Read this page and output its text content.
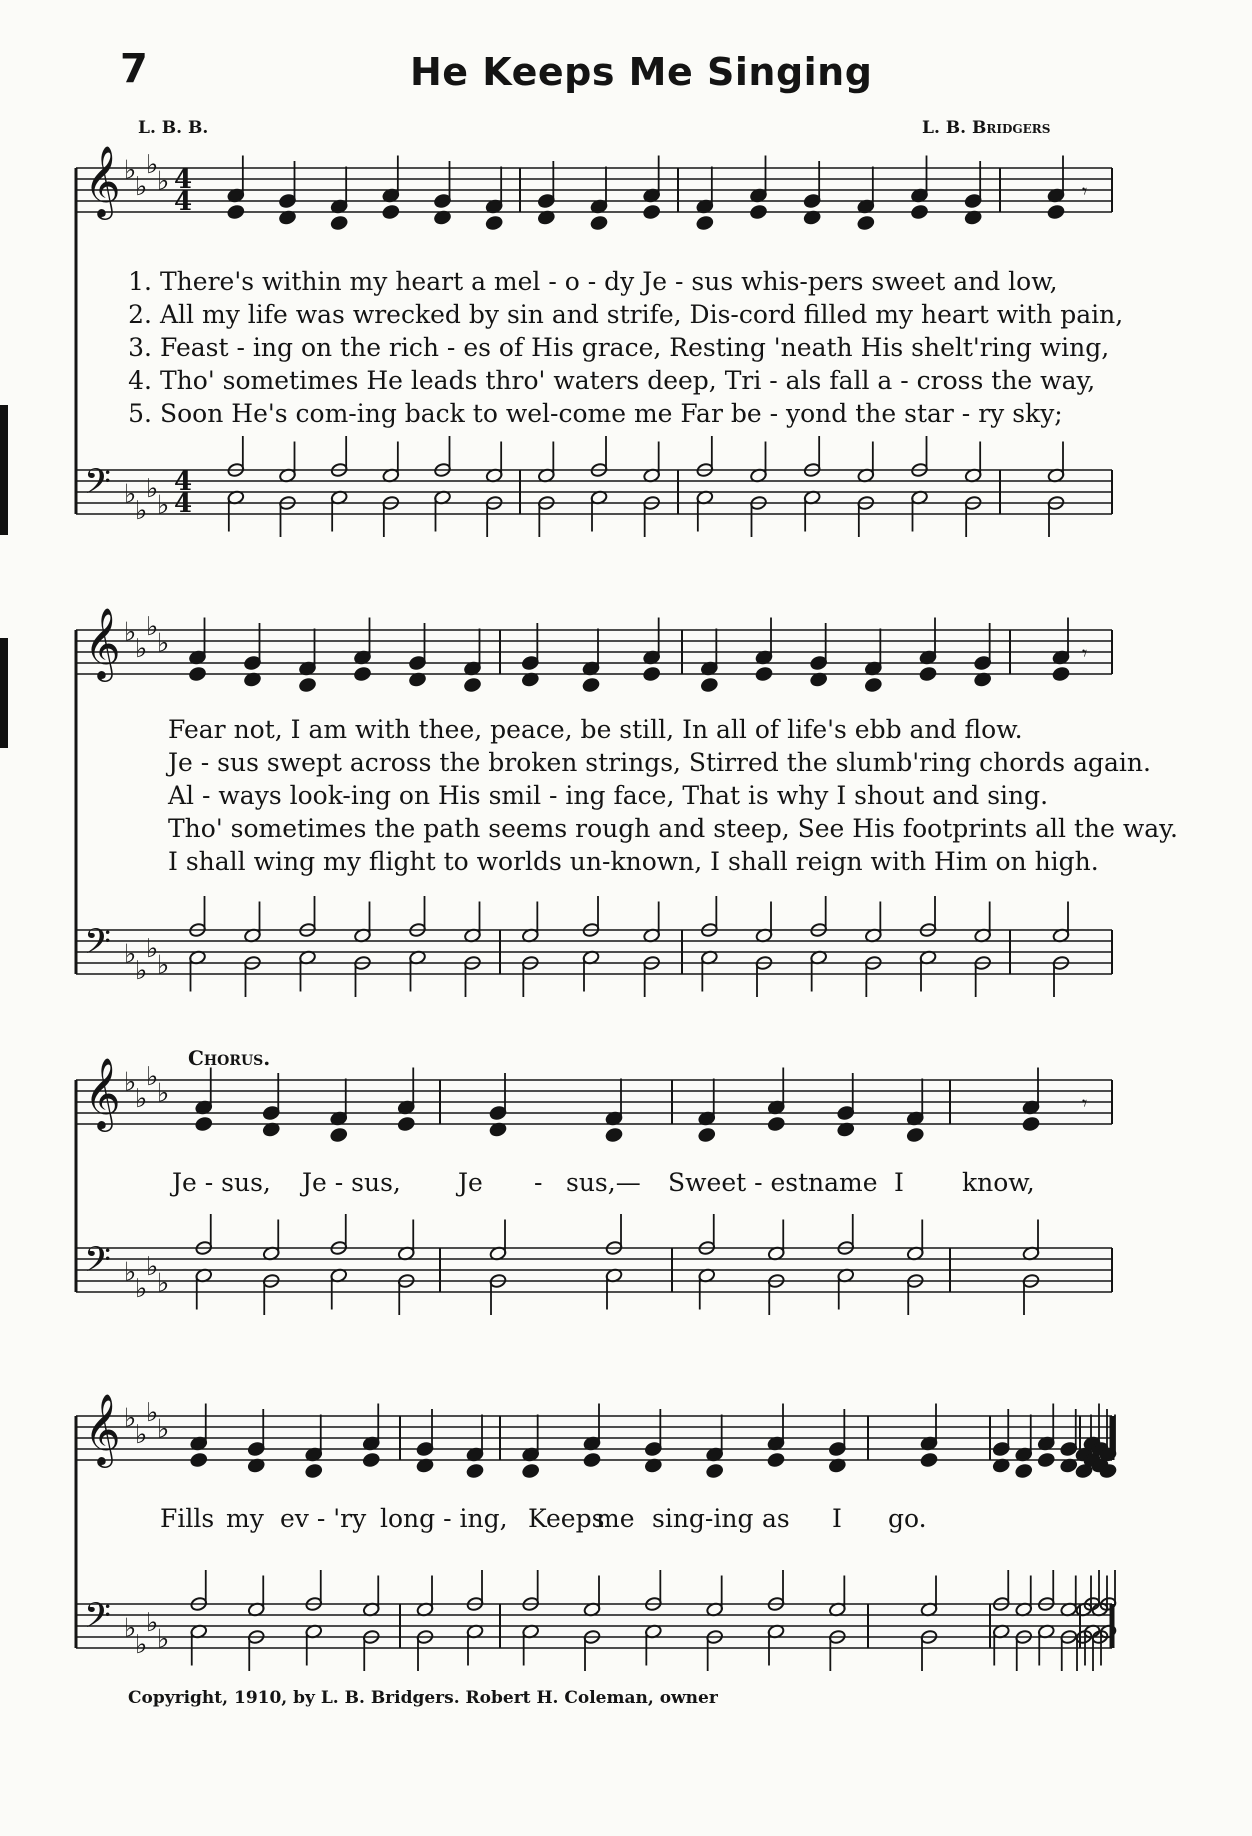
7	He Keeps Me Singing
L. B. B.	L. B. Bridgers
𝄞
𝄢
♭
♭
♭
♭
♭
♭
♭
♭
4
4
4
4
𝄾
𝄞
𝄢
♭
♭
♭
♭
♭
♭
♭
♭
𝄾
𝄞
𝄢
♭
♭
♭
♭
♭
♭
♭
♭
𝄾
𝄞
𝄢
♭
♭
♭
♭
♭
♭
♭
♭
1. There's within my heart a mel - o - dy Je - sus whis-pers sweet and low,
2. All my life was wrecked by sin and strife, Dis-cord filled my heart with pain,
3. Feast - ing on the rich - es of His grace, Resting 'neath His shelt'ring wing,
4. Tho' sometimes He leads thro' waters deep, Tri - als fall a - cross the way,
5. Soon He's com-ing back to wel-come me Far be - yond the star - ry sky;
Fear not, I am with thee, peace, be still, In all of life's ebb and flow.
Je - sus swept across the broken strings, Stirred the slumb'ring chords again.
Al - ways look-ing on His smil - ing face, That is why I shout and sing.
Tho' sometimes the path seems rough and steep, See His footprints all the way.
I shall wing my flight to worlds un-known, I shall reign with Him on high.
Chorus.
Je - sus, Je - sus, Je - sus,— Sweet - est name I know,
Fills my ev - 'ry long - ing, Keeps
me sing-ing as I go.
Copyright, 1910, by L. B. Bridgers. Robert H. Coleman, owner
